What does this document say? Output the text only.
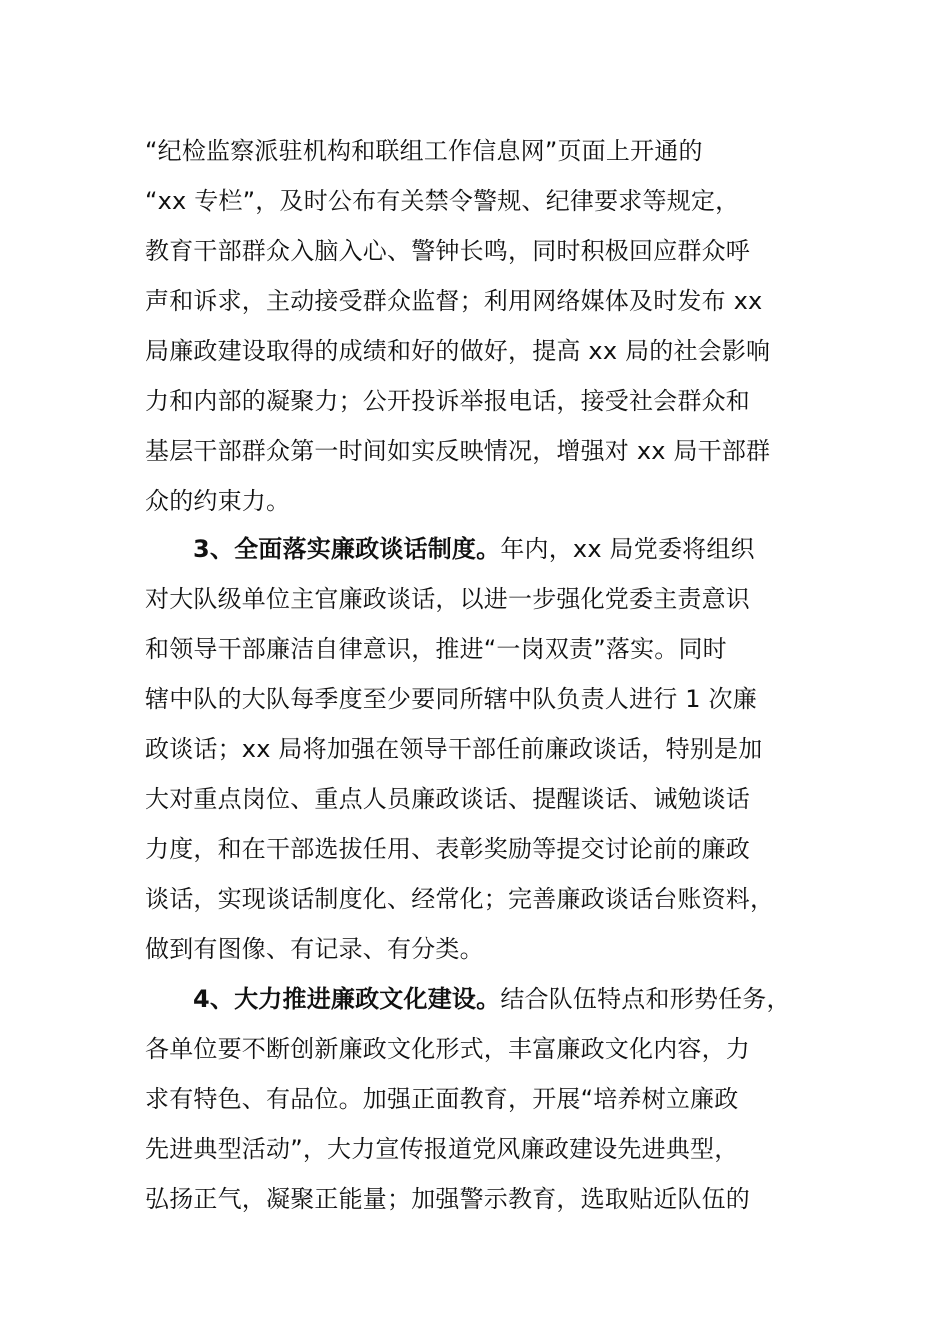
“纪检监察派驻机构和联组工作信息网”页面上开通的
“xx 专栏”，及时公布有关禁令警规、纪律要求等规定，
教育干部群众入脑入心、警钟长鸣，同时积极回应群众呼
声和诉求，主动接受群众监督；利用网络媒体及时发布 xx
局廉政建设取得的成绩和好的做好，提高 xx 局的社会影响
力和内部的凝聚力；公开投诉举报电话，接受社会群众和
基层干部群众第一时间如实反映情况，增强对 xx 局干部群
众的约束力。
3、全面落实廉政谈话制度。年内，xx 局党委将组织
对大队级单位主官廉政谈话，以进一步强化党委主责意识
和领导干部廉洁自律意识，推进“一岗双责”落实。同时
辖中队的大队每季度至少要同所辖中队负责人进行 1 次廉
政谈话；xx 局将加强在领导干部任前廉政谈话，特别是加
大对重点岗位、重点人员廉政谈话、提醒谈话、诫勉谈话
力度，和在干部选拔任用、表彰奖励等提交讨论前的廉政
谈话，实现谈话制度化、经常化；完善廉政谈话台账资料，
做到有图像、有记录、有分类。
4、大力推进廉政文化建设。结合队伍特点和形势任务，
各单位要不断创新廉政文化形式，丰富廉政文化内容，力
求有特色、有品位。加强正面教育，开展“培养树立廉政
先进典型活动”，大力宣传报道党风廉政建设先进典型，
弘扬正气，凝聚正能量；加强警示教育，选取贴近队伍的
